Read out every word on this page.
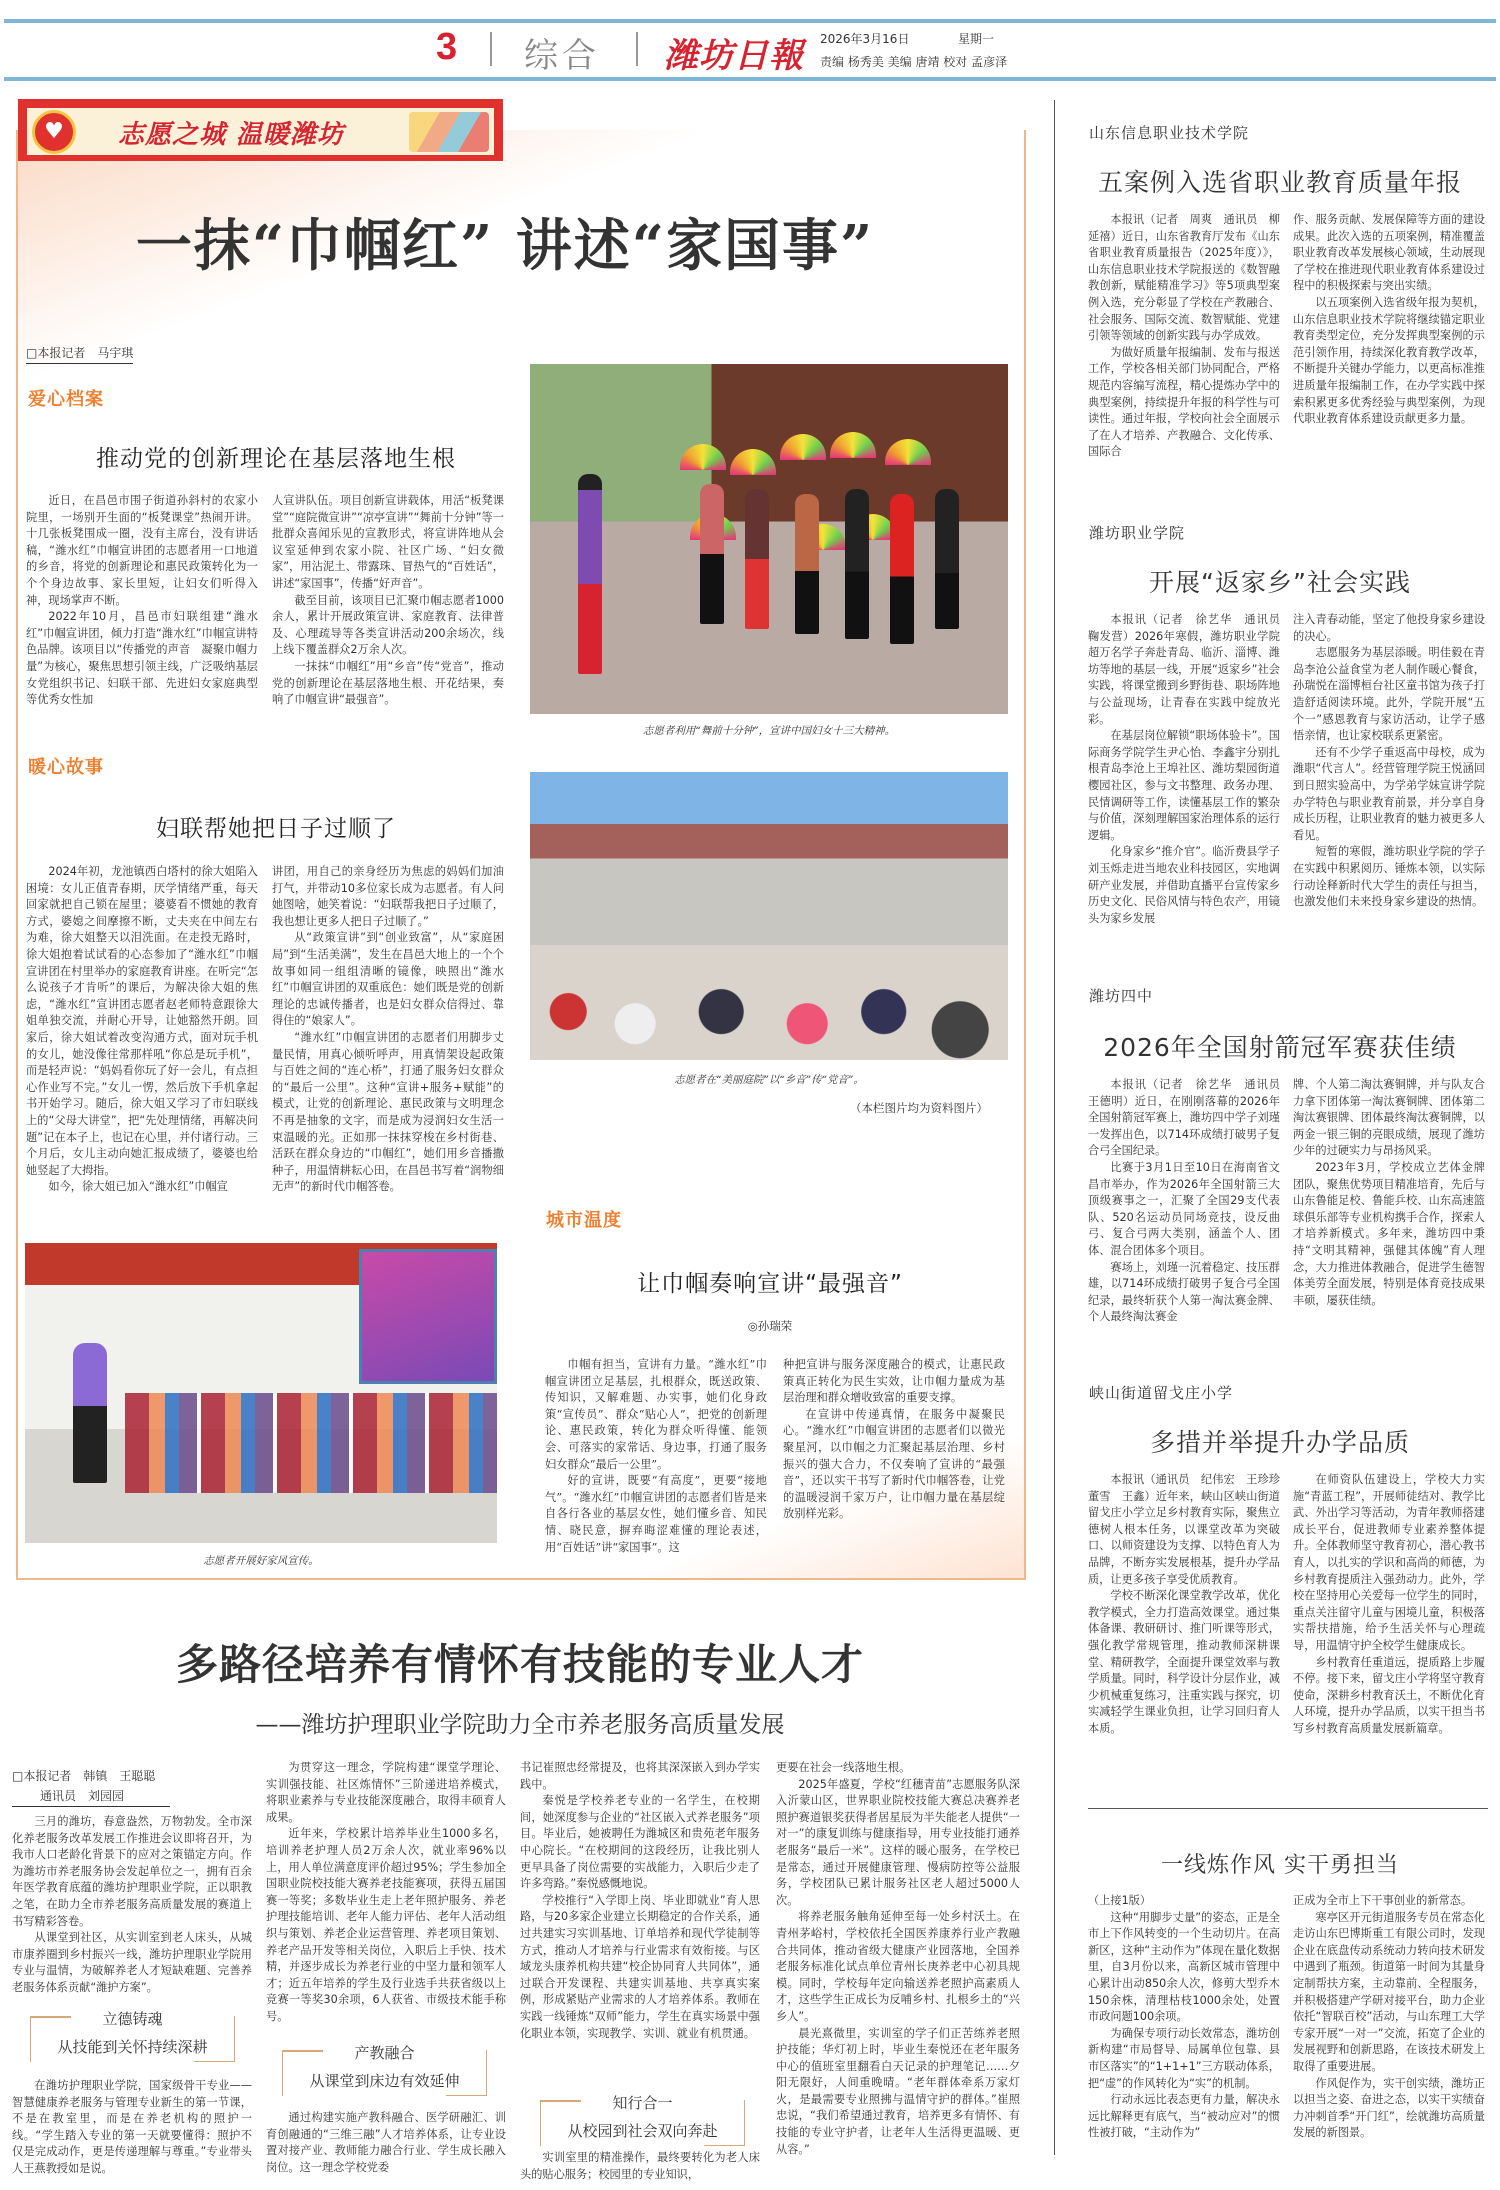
3 综合 潍坊日報 2026年3月16日	星期一
责编 杨秀美 美编 唐靖 校对 孟彦泽
♥	志愿之城 温暖潍坊
一抹“巾帼红” 讲述“家国事”
□本报记者　马宇琪
爱心档案
推动党的创新理论在基层落地生根

近日，在昌邑市围子街道孙斜村的农家小院里，一场别开生面的“板凳课堂”热闹开讲。十几张板凳围成一圈，没有主席台，没有讲话稿，“潍水红”巾帼宣讲团的志愿者用一口地道的乡音，将党的创新理论和惠民政策转化为一个个身边故事、家长里短，让妇女们听得入神，现场掌声不断。

2022年10月，昌邑市妇联组建“潍水红”巾帼宣讲团，倾力打造“潍水红”巾帼宣讲特色品牌。该项目以“传播党的声音　凝聚巾帼力量”为核心，聚焦思想引领主线，广泛吸纳基层女党组织书记、妇联干部、先进妇女家庭典型等优秀女性加

人宣讲队伍。项目创新宣讲载体，用活“板凳课堂”“庭院微宣讲”“凉亭宣讲”“舞前十分钟”等一批群众喜闻乐见的宣教形式，将宣讲阵地从会议室延伸到农家小院、社区广场、“妇女微家”，用沾泥土、带露珠、冒热气的“百姓话”，讲述“家国事”，传播“好声音”。

截至目前，该项目已汇聚巾帼志愿者1000余人，累计开展政策宣讲、家庭教育、法律普及、心理疏导等各类宣讲活动200余场次，线上线下覆盖群众2万余人次。

一抹抹“巾帼红”用“乡音”传“党音”，推动党的创新理论在基层落地生根、开花结果，奏响了巾帼宣讲“最强音”。

志愿者利用“舞前十分钟”，宣讲中国妇女十三大精神。
暖心故事
妇联帮她把日子过顺了

2024年初，龙池镇西白塔村的徐大姐陷入困境：女儿正值青春期，厌学情绪严重，每天回家就把自己锁在屋里；婆婆看不惯她的教育方式，婆媳之间摩擦不断，丈夫夹在中间左右为难，徐大姐整天以泪洗面。在走投无路时，徐大姐抱着试试看的心态参加了“潍水红”巾帼宣讲团在村里举办的家庭教育讲座。在听完“怎么说孩子才肯听”的课后，为解决徐大姐的焦虑，“潍水红”宣讲团志愿者赵老师特意跟徐大姐单独交流，并耐心开导，让她豁然开朗。回家后，徐大姐试着改变沟通方式，面对玩手机的女儿，她没像往常那样吼“你总是玩手机”，而是轻声说：“妈妈看你玩了好一会儿，有点担心作业写不完。”女儿一愣，然后放下手机拿起书开始学习。随后，徐大姐又学习了市妇联线上的“父母大讲堂”，把“先处理情绪，再解决问题”记在本子上，也记在心里，并付诸行动。三个月后，女儿主动向她汇报成绩了，婆婆也给她竖起了大拇指。

如今，徐大姐已加入“潍水红”巾帼宣

讲团，用自己的亲身经历为焦虑的妈妈们加油打气，并带动10多位家长成为志愿者。有人问她图啥，她笑着说：“妇联帮我把日子过顺了，我也想让更多人把日子过顺了。”

从“政策宣讲”到“创业致富”，从“家庭困局”到“生活美满”，发生在昌邑大地上的一个个故事如同一组组清晰的镜像，映照出“潍水红”巾帼宣讲团的双重底色：她们既是党的创新理论的忠诚传播者，也是妇女群众信得过、靠得住的“娘家人”。

“潍水红”巾帼宣讲团的志愿者们用脚步丈量民情，用真心倾听呼声，用真情架设起政策与百姓之间的“连心桥”，打通了服务妇女群众的“最后一公里”。这种“宣讲+服务+赋能”的模式，让党的创新理论、惠民政策与文明理念不再是抽象的文字，而是成为浸润妇女生活一束温暖的光。正如那一抹抹穿梭在乡村街巷、活跃在群众身边的“巾帼红”，她们用乡音播撒种子，用温情耕耘心田，在昌邑书写着“润物细无声”的新时代巾帼答卷。

志愿者在“美丽庭院”以“乡音”传“党音”。
（本栏图片均为资料图片）
志愿者开展好家风宣传。
城市温度
让巾帼奏响宣讲“最强音”
◎孙瑞荣

巾帼有担当，宣讲有力量。“潍水红”巾帼宣讲团立足基层，扎根群众，既送政策、传知识，又解难题、办实事，她们化身政策“宣传员”、群众“贴心人”，把党的创新理论、惠民政策，转化为群众听得懂、能领会、可落实的家常话、身边事，打通了服务妇女群众“最后一公里”。

好的宣讲，既要“有高度”，更要“接地气”。“潍水红”巾帼宣讲团的志愿者们皆是来自各行各业的基层女性，她们懂乡音、知民情、晓民意，摒弃晦涩难懂的理论表述，用“百姓话”讲“家国事”。这

种把宣讲与服务深度融合的模式，让惠民政策真正转化为民生实效，让巾帼力量成为基层治理和群众增收致富的重要支撑。

在宣讲中传递真情，在服务中凝聚民心。“潍水红”巾帼宣讲团的志愿者们以微光聚星河，以巾帼之力汇聚起基层治理、乡村振兴的强大合力，不仅奏响了宣讲的“最强音”，还以实干书写了新时代巾帼答卷，让党的温暖浸润千家万户，让巾帼力量在基层绽放别样光彩。

多路径培养有情怀有技能的专业人才
——潍坊护理职业学院助力全市养老服务高质量发展
□本报记者　韩镇　王聪聪
通讯员　刘园园

三月的潍坊，春意盎然，万物勃发。全市深化养老服务改革发展工作推进会议即将召开，为我市人口老龄化背景下的应对之策锚定方向。作为潍坊市养老服务协会发起单位之一，拥有百余年医学教育底蕴的潍坊护理职业学院，正以职教之笔，在助力全市养老服务高质量发展的赛道上书写精彩答卷。

从课堂到社区，从实训室到老人床头，从城市康养圈到乡村振兴一线，潍坊护理职业学院用专业与温情，为破解养老人才短缺难题、完善养老服务体系贡献“潍护方案”。

立德铸魂
从技能到关怀持续深耕

在潍坊护理职业学院，国家级骨干专业——智慧健康养老服务与管理专业新生的第一节课，不是在教室里，而是在养老机构的照护一线。“学生踏入专业的第一天就要懂得：照护不仅是完成动作，更是传递理解与尊重。”专业带头人王燕教授如是说。

为贯穿这一理念，学院构建“课堂学理论、实训强技能、社区炼情怀”三阶递进培养模式，将职业素养与专业技能深度融合，取得丰硕育人成果。

近年来，学校累计培养毕业生1000多名，培训养老护理人员2万余人次，就业率96%以上，用人单位满意度评价超过95%；学生参加全国职业院校技能大赛养老技能赛项，获得五届国赛一等奖；多数毕业生走上老年照护服务、养老护理技能培训、老年人能力评估、老年人活动组织与策划、养老企业运营管理、养老项目策划、养老产品开发等相关岗位，入职后上手快、技术精，并逐步成长为养老行业的中坚力量和领军人才；近五年培养的学生及行业选手共获省级以上竞赛一等奖30余项，6人获省、市级技术能手称号。

产教融合
从课堂到床边有效延伸

通过构建实施产教科融合、医学研融汇、训育创融通的“三维三融”人才培养体系，让专业设置对接产业、教师能力融合行业、学生成长融入岗位。这一理念学校党委

书记崔照忠经常提及，也将其深深嵌入到办学实践中。

秦悦是学校养老专业的一名学生，在校期间，她深度参与企业的“社区嵌入式养老服务”项目。毕业后，她被聘任为潍城区和贵苑老年服务中心院长。“在校期间的这段经历，让我比别人更早具备了岗位需要的实战能力，入职后少走了许多弯路。”秦悦感慨地说。

学校推行“入学即上岗、毕业即就业”育人思路，与20多家企业建立长期稳定的合作关系，通过共建实习实训基地、订单培养和现代学徒制等方式，推动人才培养与行业需求有效衔接。与区域龙头康养机构共建“校企协同育人共同体”，通过联合开发课程、共建实训基地、共享真实案例，形成紧贴产业需求的人才培养体系。教师在实践一线锤炼“双师”能力，学生在真实场景中强化职业本领，实现教学、实训、就业有机贯通。

知行合一
从校园到社会双向奔赴

实训室里的精准操作，最终要转化为老人床头的贴心服务；校园里的专业知识，

更要在社会一线落地生根。

2025年盛夏，学校“红穗青苗”志愿服务队深入沂蒙山区，世界职业院校技能大赛总决赛养老照护赛道银奖获得者居星辰为半失能老人提供“一对一”的康复训练与健康指导，用专业技能打通养老服务“最后一米”。这样的暖心服务，在学校已是常态，通过开展健康管理、慢病防控等公益服务，学校团队已累计服务社区老人超过5000人次。

将养老服务触角延伸至每一处乡村沃土。在青州茅峪村，学校依托全国医养康养行业产教融合共同体，推动省级大健康产业园落地，全国养老服务标准化试点单位青州长庚养老中心初具规模。同时，学校每年定向输送养老照护高素质人才，这些学生正成长为反哺乡村、扎根乡土的“兴乡人”。

晨光熹微里，实训室的学子们正苦练养老照护技能；华灯初上时，毕业生秦悦还在老年服务中心的值班室里翻看白天记录的护理笔记……夕阳无限好，人间重晚晴。“老年群体牵系万家灯火，是最需要专业照拂与温情守护的群体。”崔照忠说，“我们希望通过教育，培养更多有情怀、有技能的专业守护者，让老年人生活得更温暖、更从容。”

山东信息职业技术学院
五案例入选省职业教育质量年报

本报讯（记者　周爽　通讯员　柳延禧）近日，山东省教育厅发布《山东省职业教育质量报告（2025年度）》，山东信息职业技术学院报送的《数智融教创新，赋能精准学习》等5项典型案例入选，充分彰显了学校在产教融合、社会服务、国际交流、数智赋能、党建引领等领域的创新实践与办学成效。

为做好质量年报编制、发布与报送工作，学校各相关部门协同配合，严格规范内容编写流程，精心提炼办学中的典型案例，持续提升年报的科学性与可读性。通过年报，学校向社会全面展示了在人才培养、产教融合、文化传承、国际合

作、服务贡献、发展保障等方面的建设成果。此次入选的五项案例，精准覆盖职业教育改革发展核心领域，生动展现了学校在推进现代职业教育体系建设过程中的积极探索与突出实绩。

以五项案例入选省级年报为契机，山东信息职业技术学院将继续锚定职业教育类型定位，充分发挥典型案例的示范引领作用，持续深化教育教学改革，不断提升关键办学能力，以更高标准推进质量年报编制工作，在办学实践中探索积累更多优秀经验与典型案例，为现代职业教育体系建设贡献更多力量。

潍坊职业学院
开展“返家乡”社会实践

本报讯（记者　徐艺华　通讯员　鞠发营）2026年寒假，潍坊职业学院超万名学子奔赴青岛、临沂、淄博、潍坊等地的基层一线，开展“返家乡”社会实践，将课堂搬到乡野街巷、职场阵地与公益现场，让青春在实践中绽放光彩。

在基层岗位解锁“职场体验卡”。国际商务学院学生尹心怡、李鑫宇分别扎根青岛李沧上王埠社区、潍坊梨园街道樱园社区，参与文书整理、政务办理、民情调研等工作，读懂基层工作的繁杂与价值，深刻理解国家治理体系的运行逻辑。

化身家乡“推介官”。临沂费县学子刘玉烁走进当地农业科技园区，实地调研产业发展，并借助直播平台宣传家乡历史文化、民俗风情与特色农产，用镜头为家乡发展

注入青春动能，坚定了他投身家乡建设的决心。

志愿服务为基层添暖。明佳毅在青岛李沧公益食堂为老人制作暖心餐食，孙瑞悦在淄博桓台社区童书馆为孩子打造舒适阅读环境。此外，学院开展“五个一”感恩教育与家访活动，让学子感悟亲情，也让家校联系更紧密。

还有不少学子重返高中母校，成为潍职“代言人”。经营管理学院王悦涵回到日照实验高中，为学弟学妹宣讲学院办学特色与职业教育前景，并分享自身成长历程，让职业教育的魅力被更多人看见。

短暂的寒假，潍坊职业学院的学子在实践中积累阅历、锤炼本领，以实际行动诠释新时代大学生的责任与担当，也激发他们未来投身家乡建设的热情。

潍坊四中
2026年全国射箭冠军赛获佳绩

本报讯（记者　徐艺华　通讯员　王德明）近日，在刚刚落幕的2026年全国射箭冠军赛上，潍坊四中学子刘瑾一发挥出色，以714环成绩打破男子复合弓全国纪录。

比赛于3月1日至10日在海南省文昌市举办，作为2026年全国射箭三大顶级赛事之一，汇聚了全国29支代表队、520名运动员同场竞技，设反曲弓、复合弓两大类别，涵盖个人、团体、混合团体多个项目。

赛场上，刘瑾一沉着稳定、技压群雄，以714环成绩打破男子复合弓全国纪录，最终斩获个人第一淘汰赛金牌、个人最终淘汰赛金

牌、个人第二淘汰赛铜牌，并与队友合力拿下团体第一淘汰赛铜牌、团体第二淘汰赛银牌、团体最终淘汰赛铜牌，以两金一银三铜的亮眼成绩，展现了潍坊少年的过硬实力与昂扬风采。

2023年3月，学校成立艺体金牌团队，聚焦优势项目精准培育，先后与山东鲁能足校、鲁能乒校、山东高速篮球俱乐部等专业机构携手合作，探索人才培养新模式。多年来，潍坊四中秉持“文明其精神，强健其体魄”育人理念，大力推进体教融合，促进学生德智体美劳全面发展，特别是体育竞技成果丰硕，屡获佳绩。

峡山街道留戈庄小学
多措并举提升办学品质

本报讯（通讯员　纪伟宏　王珍珍　董雪　王鑫）近年来，峡山区峡山街道留戈庄小学立足乡村教育实际，聚焦立德树人根本任务，以课堂改革为突破口、以师资建设为支撑、以特色育人为品牌，不断夯实发展根基，提升办学品质，让更多孩子享受优质教育。

学校不断深化课堂教学改革，优化教学模式，全力打造高效课堂。通过集体备课、教研研讨、推门听课等形式，强化教学常规管理，推动教师深耕课堂、精研教学，全面提升课堂效率与教学质量。同时，科学设计分层作业，减少机械重复练习，注重实践与探究，切实减轻学生课业负担，让学习回归育人本质。

在师资队伍建设上，学校大力实施“青蓝工程”，开展师徒结对、教学比武、外出学习等活动，为青年教师搭建成长平台，促进教师专业素养整体提升。全体教师坚守教育初心，潜心教书育人，以扎实的学识和高尚的师德，为乡村教育提质注入强劲动力。此外，学校在坚持用心关爱每一位学生的同时，重点关注留守儿童与困境儿童，积极落实帮扶措施，给予生活关怀与心理疏导，用温情守护全校学生健康成长。

乡村教育任重道远，提质路上步履不停。接下来，留戈庄小学将坚守教育使命，深耕乡村教育沃土，不断优化育人环境，提升办学品质，以实干担当书写乡村教育高质量发展新篇章。

一线炼作风 实干勇担当

（上接1版）

这种“用脚步丈量”的姿态，正是全市上下作风转变的一个生动切片。在高新区，这种“主动作为”体现在量化数据里，自3月份以来，高新区城市管理中心累计出动850余人次，修剪大型乔木150余株，清理枯枝1000余处，处置市政问题100余项。

为确保专项行动长效常态，潍坊创新构建“市局督导、局属单位包靠、县市区落实”的“1+1+1”三方联动体系，把“虚”的作风转化为“实”的机制。

行动永远比表态更有力量，解决永远比解释更有底气，当“被动应对”的惯性被打破，“主动作为”

正成为全市上下干事创业的新常态。

寒亭区开元街道服务专员在常态化走访山东巴博斯重工有限公司时，发现企业在底盘传动系统动力转向技术研发中遇到了瓶颈。街道第一时间为其量身定制帮扶方案，主动靠前、全程服务，并积极搭建产学研对接平台，助力企业依托“智联百校”活动，与山东理工大学专家开展“一对一”交流，拓宽了企业的发展视野和创新思路，在该技术研发上取得了重要进展。

作风促作为，实干创实绩，潍坊正以担当之姿、奋进之态，以实干实绩奋力冲刺首季“开门红”，绘就潍坊高质量发展的新图景。
